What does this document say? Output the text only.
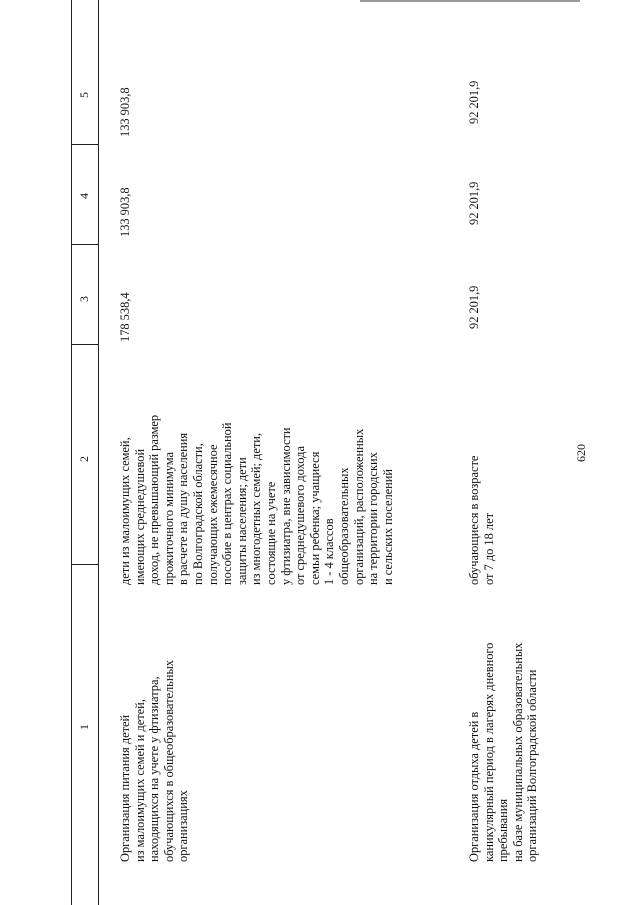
620
1
2
3
4
5
Организация питания детей
из малоимущих семей и детей,
находящихся на учете у фтизиатра,
обучающихся в общеобразовательных
организациях
дети из малоимущих семей,
имеющих среднедушевой
доход, не превышающий размер
прожиточного минимума
в расчете на душу населения
по Волгоградской области,
получающих ежемесячное
пособие в центрах социальной
защиты населения; дети
из многодетных семей; дети,
состоящие на учете
у фтизиатра, вне зависимости
от среднедушевого дохода
семьи ребенка; учащиеся
1 - 4 классов
общеобразовательных
организаций, расположенных
на территории городских
и сельских поселений
178 538,4
133 903,8
133 903,8
Организация отдыха детей в
каникулярный период в лагерях дневного
пребывания
на базе муниципальных образовательных
организаций Волгоградской области
обучающиеся в возрасте
от 7 до 18 лет
92 201,9
92 201,9
92 201,9
